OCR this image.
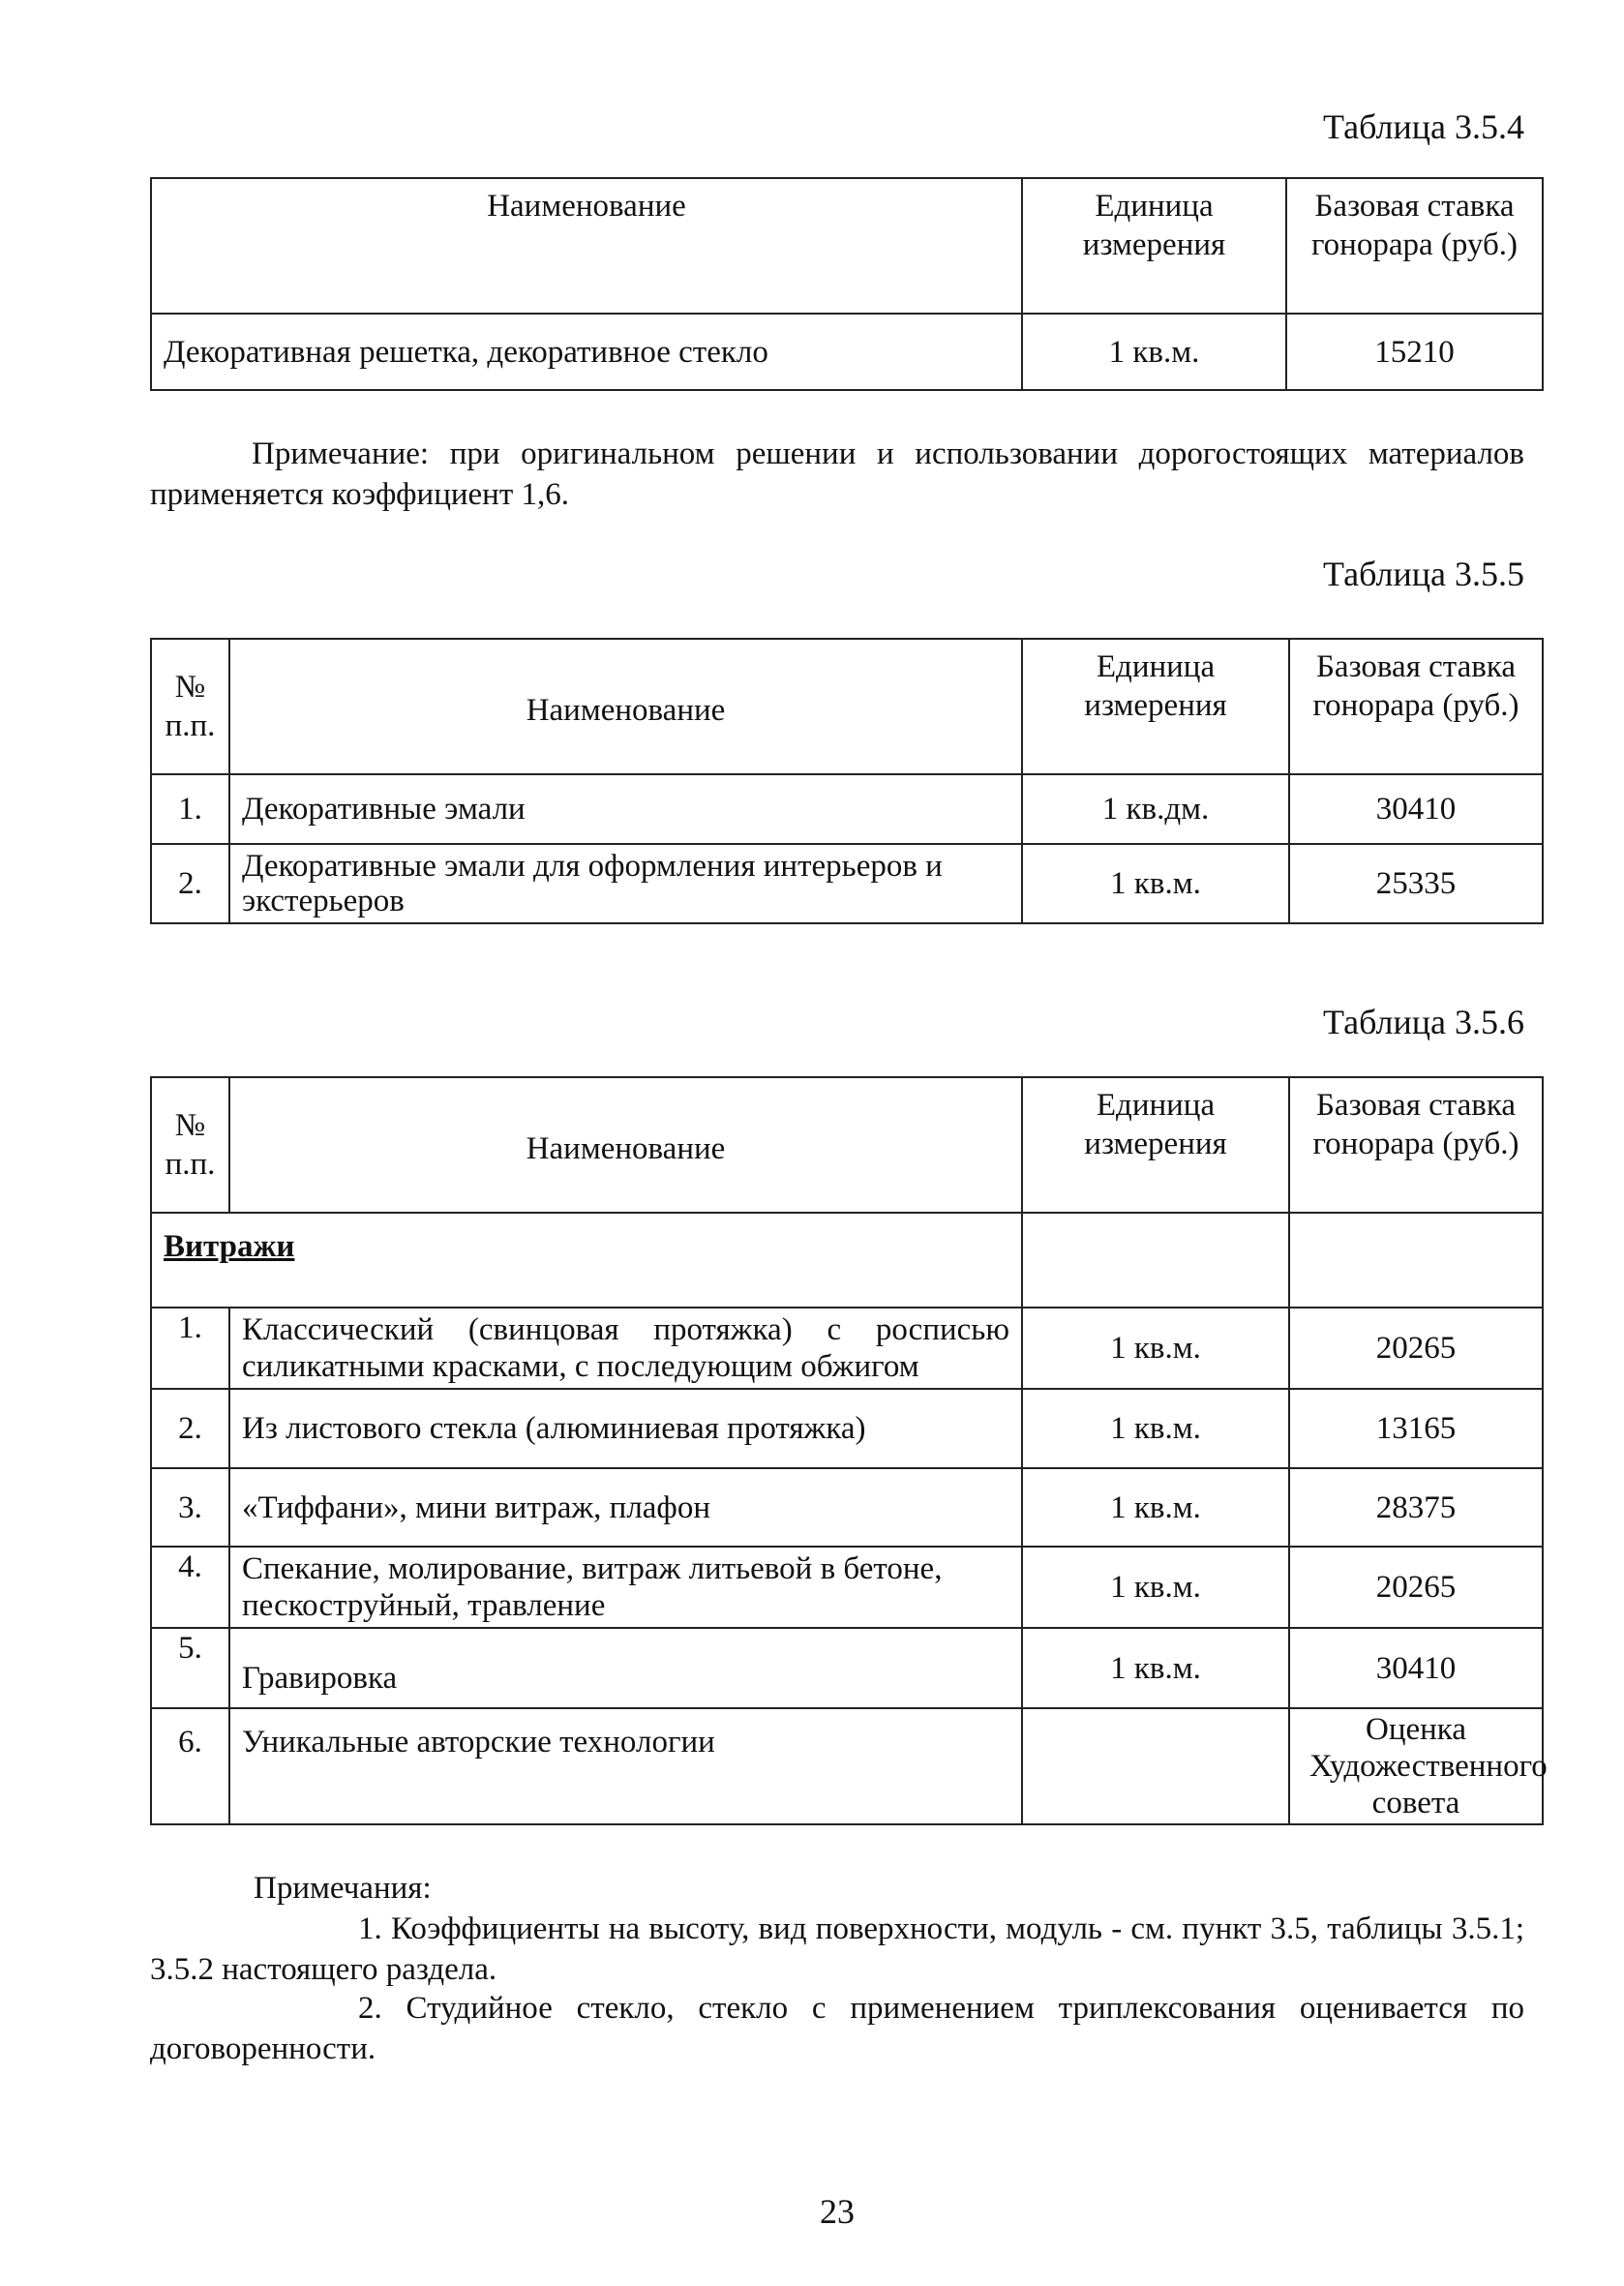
Таблица 3.5.4
Наименование	Единица измерения	Базовая ставка гонорара (руб.)
Декоративная решетка, декоративное стекло	1 кв.м.	15210

Примечание: при оригинальном решении и использовании дорогостоящих материалов применяется коэффициент 1,6.

Таблица 3.5.5
№ п.п.	Наименование	Единица измерения	Базовая ставка гонорара (руб.)
1.	Декоративные эмали	1 кв.дм.	30410
2.	Декоративные эмали для оформления интерьеров и экстерьеров	1 кв.м.	25335
Таблица 3.5.6
№ п.п.	Наименование	Единица измерения	Базовая ставка гонорара (руб.)
Витражи			
1.	Классический (свинцовая протяжка) с росписью силикатными красками, с последующим обжигом	1 кв.м.	20265
2.	Из листового стекла (алюминиевая протяжка)	1 кв.м.	13165
3.	«Тиффани», мини витраж, плафон	1 кв.м.	28375
4.	Спекание, молирование, витраж литьевой в бетоне, пескоструйный, травление	1 кв.м.	20265
5.	Гравировка	1 кв.м.	30410
6.	Уникальные авторские технологии		Оценка Художественного совета

Примечания:

1. Коэффициенты на высоту, вид поверхности, модуль - см. пункт 3.5, таблицы 3.5.1; 3.5.2 настоящего раздела.

2. Студийное стекло, стекло с применением триплексования оценивается по договоренности.

23
